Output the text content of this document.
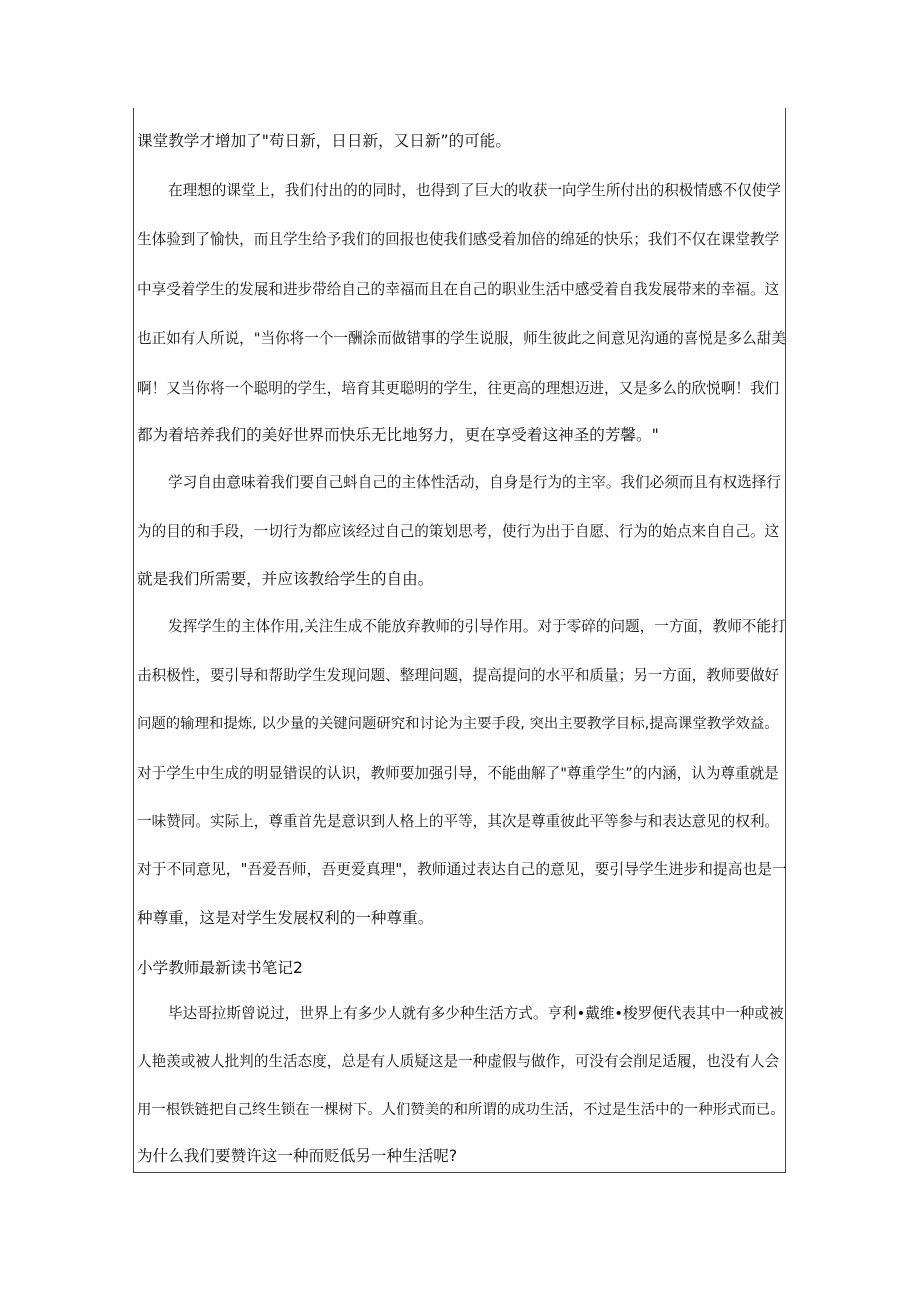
课堂教学才增加了"苟日新，日日新，又日新”的可能。
在理想的课堂上，我们付出的的同时，也得到了巨大的收获一向学生所付出的积极情感不仅使学
生体验到了愉快，而且学生给予我们的回报也使我们感受着加倍的绵延的快乐；我们不仅在课堂教学
中享受着学生的发展和进步带给自己的幸福而且在自己的职业生活中感受着自我发展带来的幸福。这
也正如有人所说，"当你将一个一酬涂而做错事的学生说服，师生彼此之间意见沟通的喜悦是多么甜美
啊！又当你将一个聪明的学生，培育其更聪明的学生，往更高的理想迈进，又是多么的欣悦啊！我们
都为着培养我们的美好世界而快乐无比地努力，更在享受着这神圣的芳馨。"
学习自由意味着我们要自己蚪自己的主体性活动，自身是行为的主宰。我们必须而且有权选择行
为的目的和手段，一切行为都应该经过自己的策划思考，使行为出于自愿、行为的始点来自自己。这
就是我们所需要，并应该教给学生的自由。
发挥学生的主体作用,关注生成不能放弃教师的引导作用。对于零碎的问题，一方面，教师不能打
击积极性，要引导和帮助学生发现问题、整理问题，提高提问的水平和质量；另一方面，教师要做好
问题的输理和提炼, 以少量的关键问题研究和讨论为主要手段, 突出主要教学目标,提高课堂教学效益。
对于学生中生成的明显错误的认识，教师要加强引导，不能曲解了"尊重学生”的内涵，认为尊重就是
一味赞同。实际上，尊重首先是意识到人格上的平等，其次是尊重彼此平等参与和表达意见的权利。
对于不同意见，"吾爱吾师，吾更爱真理"，教师通过表达自己的意见，要引导学生进步和提高也是一
种尊重，这是对学生发展权利的一种尊重。
小学教师最新读书笔记2
毕达哥拉斯曾说过，世界上有多少人就有多少种生活方式。亨利•戴维•梭罗便代表其中一种或被
人艳羡或被人批判的生活态度，总是有人质疑这是一种虚假与做作，可没有会削足适履，也没有人会
用一根铁链把自己终生锁在一棵树下。人们赞美的和所谓的成功生活，不过是生活中的一种形式而已。
为什么我们要赞许这一种而贬低另一种生活呢?
